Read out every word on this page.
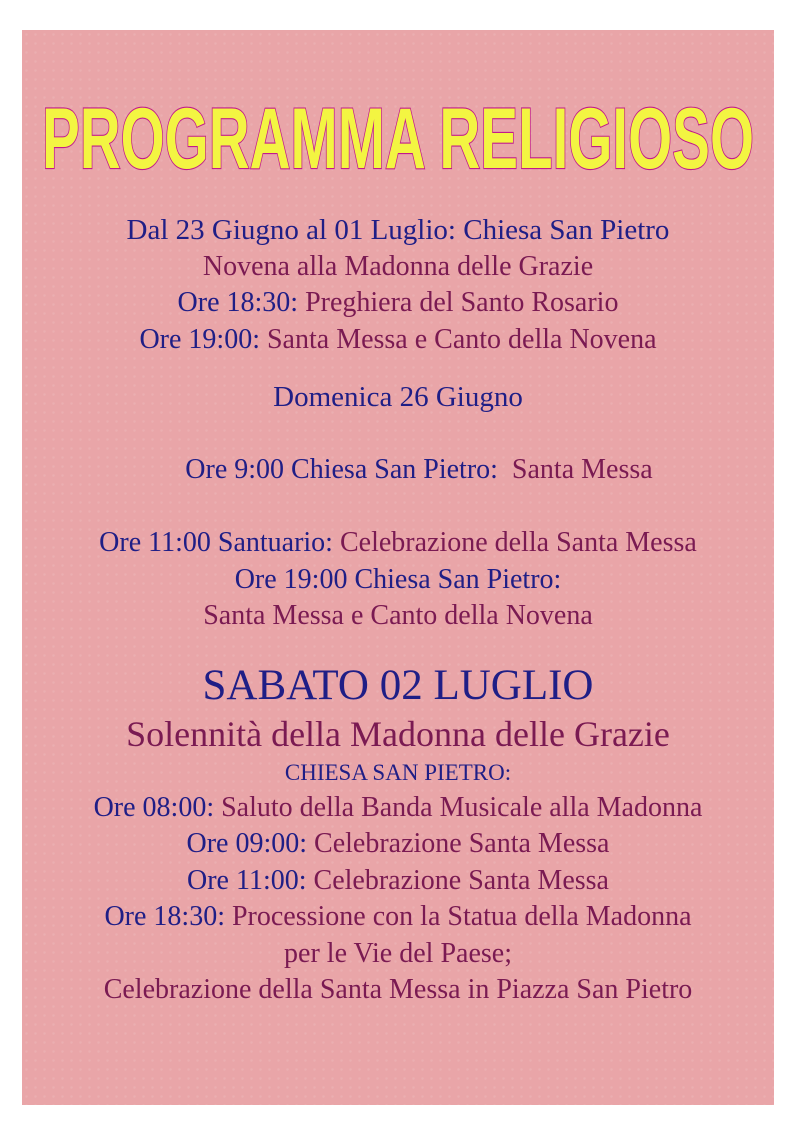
PROGRAMMA RELIGIOSO
Dal 23 Giugno al 01 Luglio: Chiesa San Pietro
Novena alla Madonna delle Grazie
Ore 18:30: Preghiera del Santo Rosario
Ore 19:00: Santa Messa e Canto della Novena
Domenica 26 Giugno

Ore 9:00 Chiesa San Pietro:  Santa Messa

Ore 11:00 Santuario: Celebrazione della Santa Messa
Ore 19:00 Chiesa San Pietro:
Santa Messa e Canto della Novena
SABATO 02 LUGLIO
Solennità della Madonna delle Grazie
CHIESA SAN PIETRO:
Ore 08:00: Saluto della Banda Musicale alla Madonna
Ore 09:00: Celebrazione Santa Messa
Ore 11:00: Celebrazione Santa Messa
Ore 18:30: Processione con la Statua della Madonna
per le Vie del Paese;
Celebrazione della Santa Messa in Piazza San Pietro
